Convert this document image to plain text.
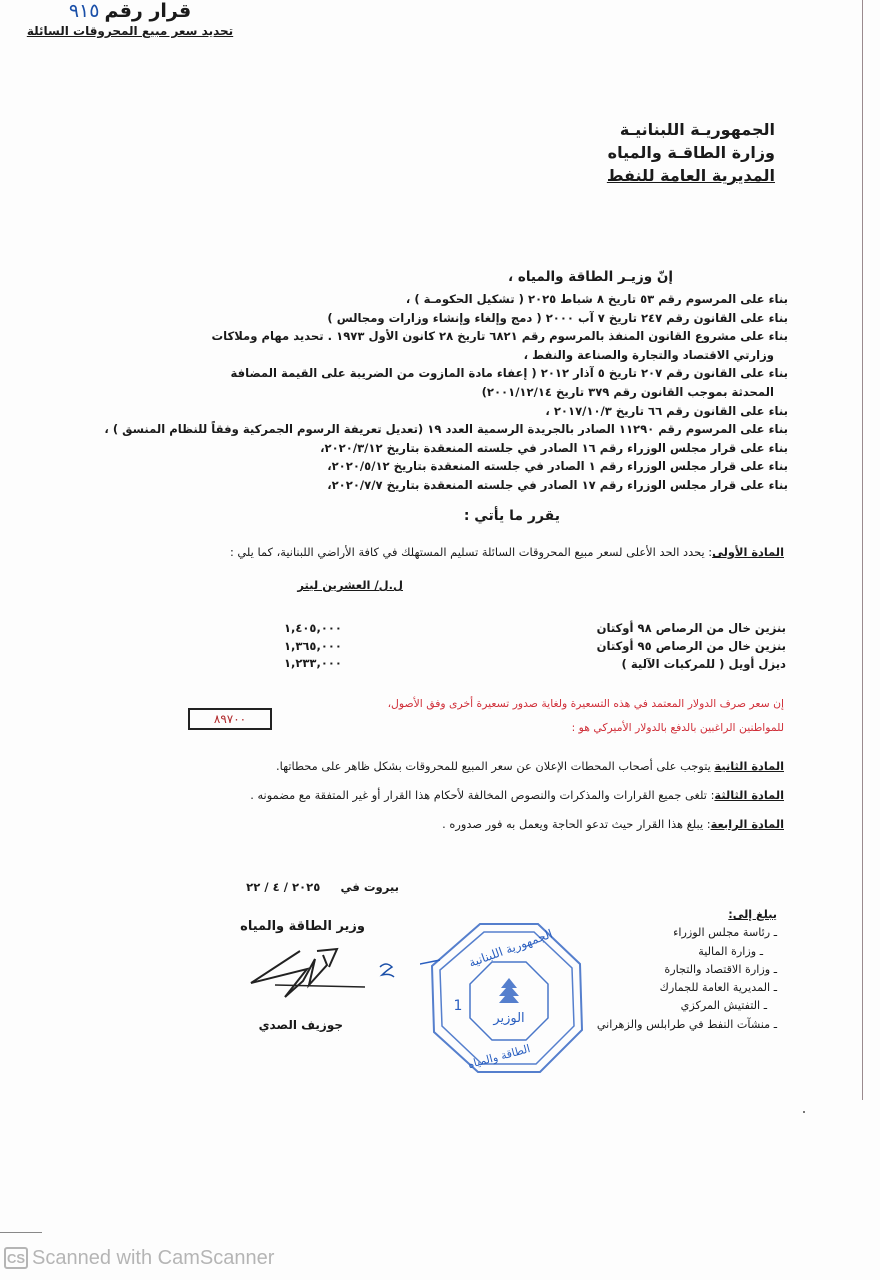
الجمهوريـة اللبنانيـة
وزارة الطاقـة والمياه
المديرية العامة للنفط
قرار رقم ٩١٥
تحديد سعر مبيع المحروقات السائلة
إنّ وزيـر الطاقة والمياه ،
بناء على المرسوم رقم ٥٣ تاريخ ٨ شباط ٢٠٢٥ ( تشكيل الحكومـة ) ،
بناء على القانون رقم ٢٤٧ تاريخ ٧ آب ٢٠٠٠ ( دمج وإلغاء وإنشاء وزارات ومجالس )
بناء على مشروع القانون المنفذ بالمرسوم رقم ٦٨٢١ تاريخ ٢٨ كانون الأول ١٩٧٣ . تحديد مهام وملاكات
وزارتي الاقتصاد والتجارة والصناعة والنفط ،
بناء على القانون رقم ٢٠٧ تاريخ ٥ آذار ٢٠١٢ ( إعفاء مادة المازوت من الضريبة على القيمة المضافة
المحدثة بموجب القانون رقم ٣٧٩ تاريخ ٢٠٠١/١٢/١٤)
بناء على القانون رقم ٦٦ تاريخ ٢٠١٧/١٠/٣ ،
بناء على المرسوم رقم ١١٢٩٠ الصادر بالجريدة الرسمية العدد ١٩ (تعديل تعريفة الرسوم الجمركية وفقاً للنظام المنسق ) ،
بناء على قرار مجلس الوزراء رقم ١٦ الصادر في جلسته المنعقدة بتاريخ ٢٠٢٠/٣/١٢،
بناء على قرار مجلس الوزراء رقم ١ الصادر في جلسته المنعقدة بتاريخ ٢٠٢٠/٥/١٢،
بناء على قرار مجلس الوزراء رقم ١٧ الصادر في جلسته المنعقدة بتاريخ ٢٠٢٠/٧/٧،
يقرر ما يأتي :
المادة الأولى: يحدد الحد الأعلى لسعر مبيع المحروقات السائلة تسليم المستهلك في كافة الأراضي اللبنانية، كما يلي :
ل.ل/ العشرين ليتر
بنزين خال من الرصاص ٩٨ أوكتان
بنزين خال من الرصاص ٩٥ أوكتان
ديزل أويل ( للمركبات الآلية )
١,٤٠٥,٠٠٠
١,٣٦٥,٠٠٠
١,٢٣٣,٠٠٠
إن سعر صرف الدولار المعتمد في هذه التسعيرة ولغاية صدور تسعيرة أخرى وفق الأصول،
للمواطنين الراغبين بالدفع بالدولار الأميركي هو :
٨٩٧٠٠
المادة الثانية يتوجب على أصحاب المحطات الإعلان عن سعر المبيع للمحروقات بشكل ظاهر على محطاتها.
المادة الثالثة: تلغى جميع القرارات والمذكرات والنصوص المخالفة لأحكام هذا القرار أو غير المتفقة مع مضمونه .
المادة الرابعة: يبلغ هذا القرار حيث تدعو الحاجة ويعمل به فور صدوره .
بيروت في     ٢٠٢٥ / ٤ / ٢٢
وزير الطاقة والمياه
جوزيف الصدي	الوزير
1
الجمهورية اللبنانية
الطاقة والمياه
يبلغ إلى:
ـ رئاسة مجلس الوزراء
ـ وزارة المالية
ـ وزارة الاقتصاد والتجارة
ـ المديرية العامة للجمارك
ـ التفتيش المركزي
ـ منشآت النفط في طرابلس والزهراني
CS Scanned with CamScanner
